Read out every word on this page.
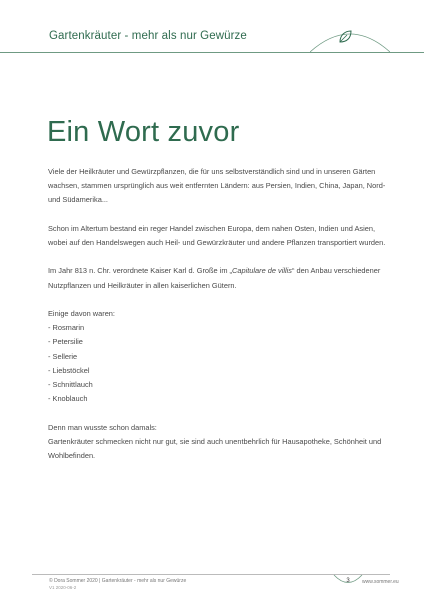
Gartenkräuter - mehr als nur Gewürze
Ein Wort zuvor

Viele der Heilkräuter und Gewürzpflanzen, die für uns selbstverständlich sind und in unseren Gärten wachsen, stammen ursprünglich aus weit entfernten Ländern: aus Persien, Indien, China, Japan, Nord- und Südamerika...

Schon im Altertum bestand ein reger Handel zwischen Europa, dem nahen Osten, Indien und Asien, wobei auf den Handelswegen auch Heil- und Gewürzkräuter und andere Pflanzen transportiert wurden.

Im Jahr 813 n. Chr. verordnete Kaiser Karl d. Große im „Capitulare de villis“ den Anbau verschiedener Nutzpflanzen und Heilkräuter in allen kaiserlichen Gütern.

Einige davon waren:
- Rosmarin
- Petersilie
- Sellerie
- Liebstöckel
- Schnittlauch
- Knoblauch
Denn man wusste schon damals:
Gartenkräuter schmecken nicht nur gut, sie sind auch unentbehrlich für Hausapotheke, Schönheit und Wohlbefinden.
© Dora Sommer 2020 | Gartenkräuter - mehr als nur Gewürze
V1 2020-06-2
3	www.sommer.eu
